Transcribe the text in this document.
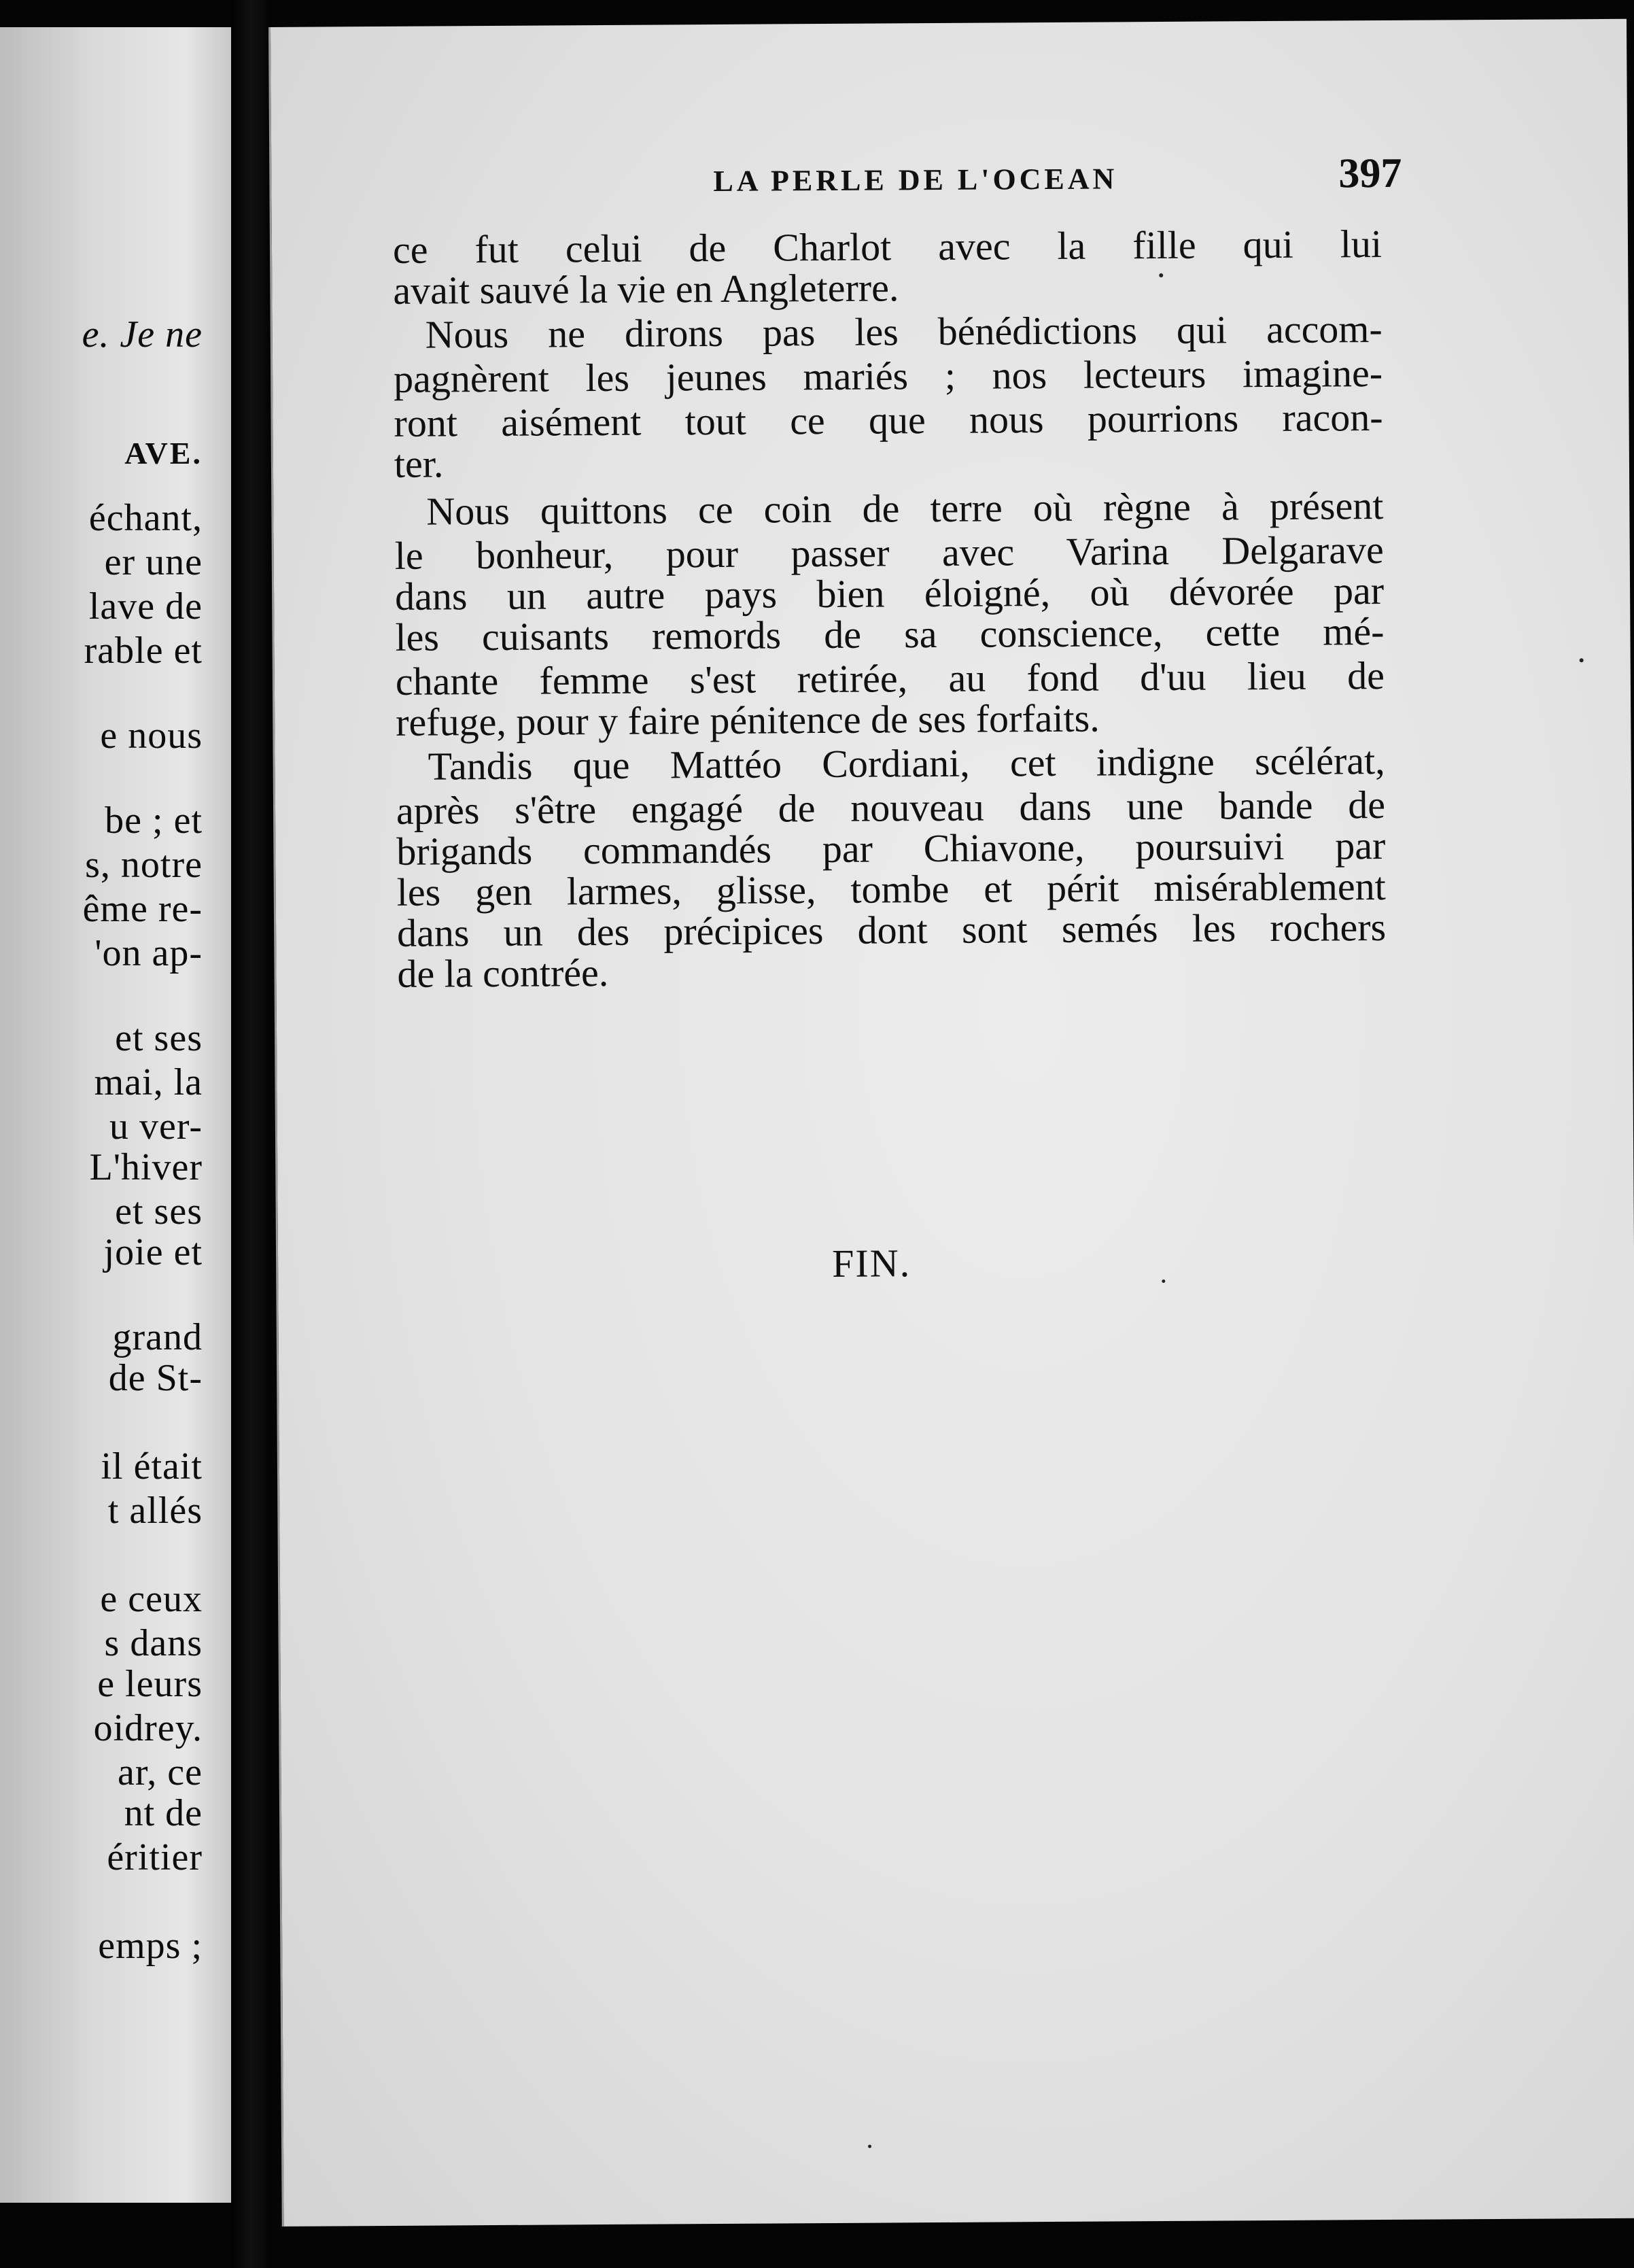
e. Je ne
AVE.
échant,
er une
lave de
rable et
e nous
be ; et
s, notre
ême re-
'on ap-
et ses
mai, la
u ver-
L'hiver
et ses
joie et
grand
de St-
il était
t allés
e ceux
s dans
e leurs
oidrey.
ar, ce
nt de
éritier
emps ;
LA PERLE DE L'OCEAN	397
ce fut celui de Charlot avec la fille qui lui
avait sauvé la vie en Angleterre.
Nous ne dirons pas les bénédictions qui accom-
pagnèrent les jeunes mariés ; nos lecteurs imagine-
ront aisément tout ce que nous pourrions racon-
ter.
Nous quittons ce coin de terre où règne à présent
le bonheur, pour passer avec Varina Delgarave
dans un autre pays bien éloigné, où dévorée par
les cuisants remords de sa conscience, cette mé-
chante femme s'est retirée, au fond d'uu lieu de
refuge, pour y faire pénitence de ses forfaits.
Tandis que Mattéo Cordiani, cet indigne scélérat,
après s'être engagé de nouveau dans une bande de
brigands commandés par Chiavone, poursuivi par
les gen larmes, glisse, tombe et périt misérablement
dans un des précipices dont sont semés les rochers
de la contrée.
FIN.
